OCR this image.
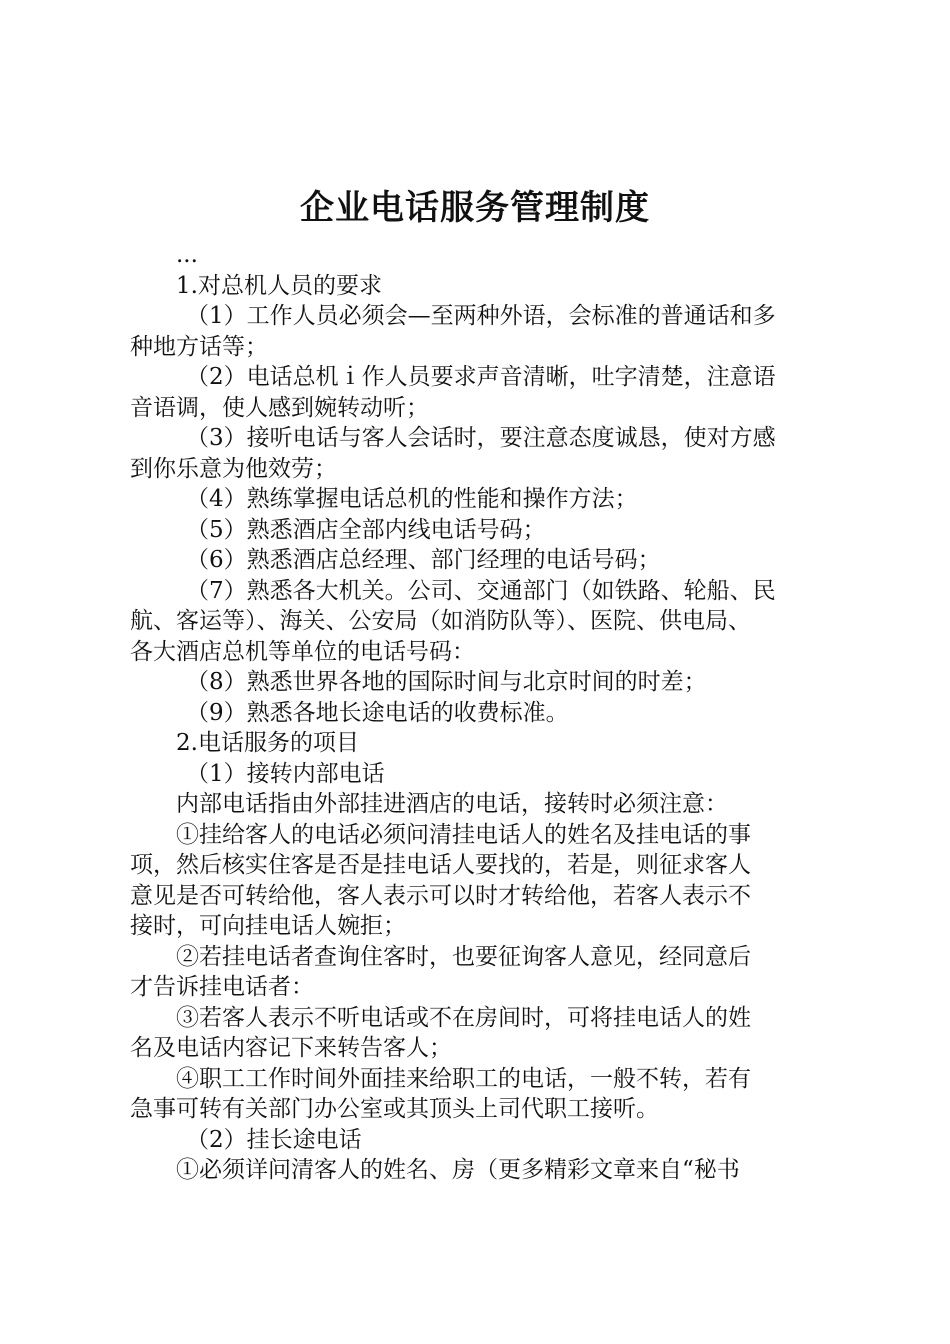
企业电话服务管理制度

...

1.对总机人员的要求

（1）工作人员必须会—至两种外语，会标准的普通话和多

种地方话等；

（2）电话总机ｉ作人员要求声音清晰，吐字清楚，注意语

音语调，使人感到婉转动听；

（3）接听电话与客人会话时，要注意态度诚恳，使对方感

到你乐意为他效劳；

（4）熟练掌握电话总机的性能和操作方法；

（5）熟悉酒店全部内线电话号码；

（6）熟悉酒店总经理、部门经理的电话号码；

（7）熟悉各大机关。公司、交通部门（如铁路、轮船、民

航、客运等）、海关、公安局（如消防队等）、医院、供电局、

各大酒店总机等单位的电话号码：

（8）熟悉世界各地的国际时间与北京时间的时差；

（9）熟悉各地长途电话的收费标准。

2.电话服务的项目

（1）接转内部电话

内部电话指由外部挂进酒店的电话，接转时必须注意：

①挂给客人的电话必须问清挂电话人的姓名及挂电话的事

项，然后核实住客是否是挂电话人要找的，若是，则征求客人

意见是否可转给他，客人表示可以时才转给他，若客人表示不

接时，可向挂电话人婉拒；

②若挂电话者查询住客时，也要征询客人意见，经同意后

才告诉挂电话者：

③若客人表示不听电话或不在房间时，可将挂电话人的姓

名及电话内容记下来转告客人；

④职工工作时间外面挂来给职工的电话，一般不转，若有

急事可转有关部门办公室或其顶头上司代职工接听。

（2）挂长途电话

①必须详问清客人的姓名、房（更多精彩文章来自“秘书
